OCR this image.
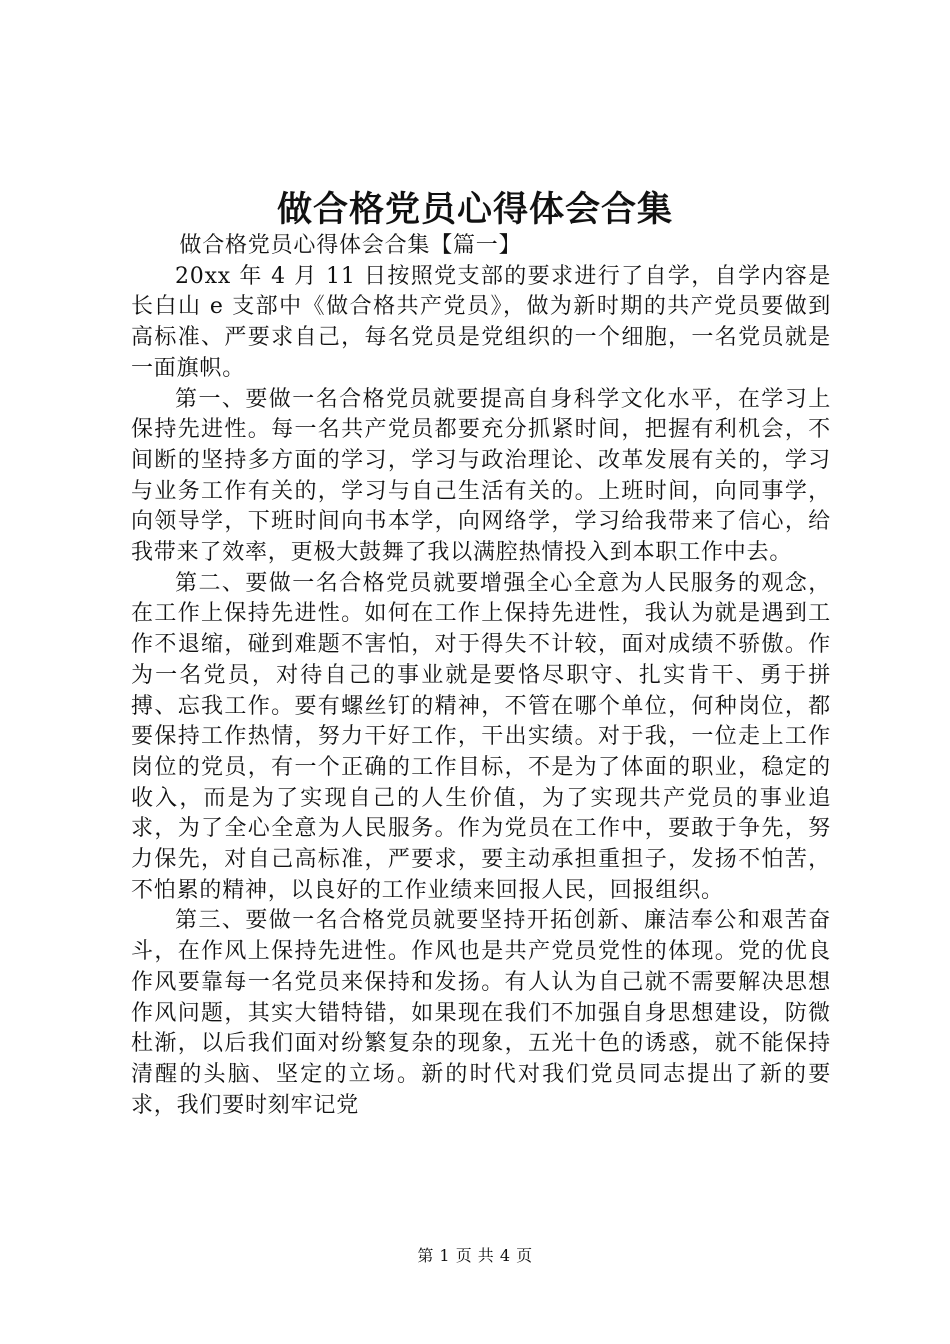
做合格党员心得体会合集

做合格党员心得体会合集【篇一】

20xx 年 4 月 11 日按照党支部的要求进行了自学，自学内容是长白山 e 支部中《做合格共产党员》，做为新时期的共产党员要做到高标准、严要求自己，每名党员是党组织的一个细胞，一名党员就是一面旗帜。

第一、要做一名合格党员就要提高自身科学文化水平，在学习上保持先进性。每一名共产党员都要充分抓紧时间，把握有利机会，不间断的坚持多方面的学习，学习与政治理论、改革发展有关的，学习与业务工作有关的，学习与自己生活有关的。上班时间，向同事学，向领导学，下班时间向书本学，向网络学，学习给我带来了信心，给我带来了效率，更极大鼓舞了我以满腔热情投入到本职工作中去。

第二、要做一名合格党员就要增强全心全意为人民服务的观念，在工作上保持先进性。如何在工作上保持先进性，我认为就是遇到工作不退缩，碰到难题不害怕，对于得失不计较，面对成绩不骄傲。作为一名党员，对待自己的事业就是要恪尽职守、扎实肯干、勇于拼搏、忘我工作。要有螺丝钉的精神，不管在哪个单位，何种岗位，都要保持工作热情，努力干好工作，干出实绩。对于我，一位走上工作岗位的党员，有一个正确的工作目标，不是为了体面的职业，稳定的收入，而是为了实现自己的人生价值，为了实现共产党员的事业追求，为了全心全意为人民服务。作为党员在工作中，要敢于争先，努力保先，对自己高标准，严要求，要主动承担重担子，发扬不怕苦，不怕累的精神，以良好的工作业绩来回报人民，回报组织。

第三、要做一名合格党员就要坚持开拓创新、廉洁奉公和艰苦奋斗，在作风上保持先进性。作风也是共产党员党性的体现。党的优良作风要靠每一名党员来保持和发扬。有人认为自己就不需要解决思想作风问题，其实大错特错，如果现在我们不加强自身思想建设，防微杜渐，以后我们面对纷繁复杂的现象，五光十色的诱惑，就不能保持清醒的头脑、坚定的立场。新的时代对我们党员同志提出了新的要求，我们要时刻牢记党

第 1 页 共 4 页
